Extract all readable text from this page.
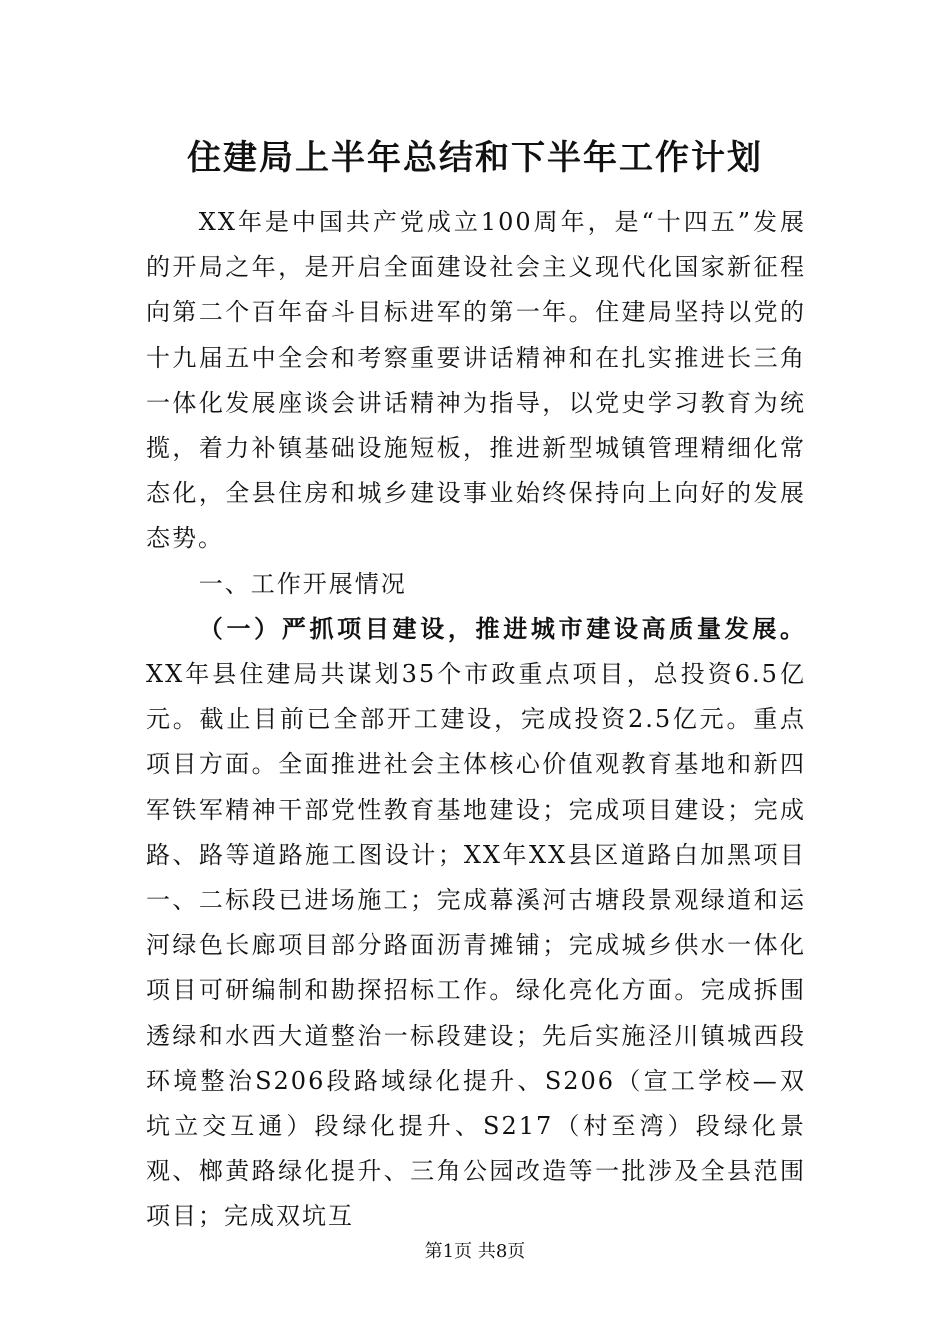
住建局上半年总结和下半年工作计划

XX年是中国共产党成立100周年，是“十四五”发展的开局之年，是开启全面建设社会主义现代化国家新征程向第二个百年奋斗目标进军的第一年。住建局坚持以党的十九届五中全会和考察重要讲话精神和在扎实推进长三角一体化发展座谈会讲话精神为指导，以党史学习教育为统揽，着力补镇基础设施短板，推进新型城镇管理精细化常态化，全县住房和城乡建设事业始终保持向上向好的发展态势。

一、工作开展情况

（一）严抓项目建设，推进城市建设高质量发展。XX年县住建局共谋划35个市政重点项目，总投资6.5亿元。截止目前已全部开工建设，完成投资2.5亿元。重点项目方面。全面推进社会主体核心价值观教育基地和新四军铁军精神干部党性教育基地建设；完成项目建设；完成路、路等道路施工图设计；XX年XX县区道路白加黑项目一、二标段已进场施工；完成幕溪河古塘段景观绿道和运河绿色长廊项目部分路面沥青摊铺；完成城乡供水一体化项目可研编制和勘探招标工作。绿化亮化方面。完成拆围透绿和水西大道整治一标段建设；先后实施泾川镇城西段环境整治S206段路域绿化提升、S206（宣工学校—双坑立交互通）段绿化提升、S217（村至湾）段绿化景观、榔黄路绿化提升、三角公园改造等一批涉及全县范围项目；完成双坑互

第1页 共8页
